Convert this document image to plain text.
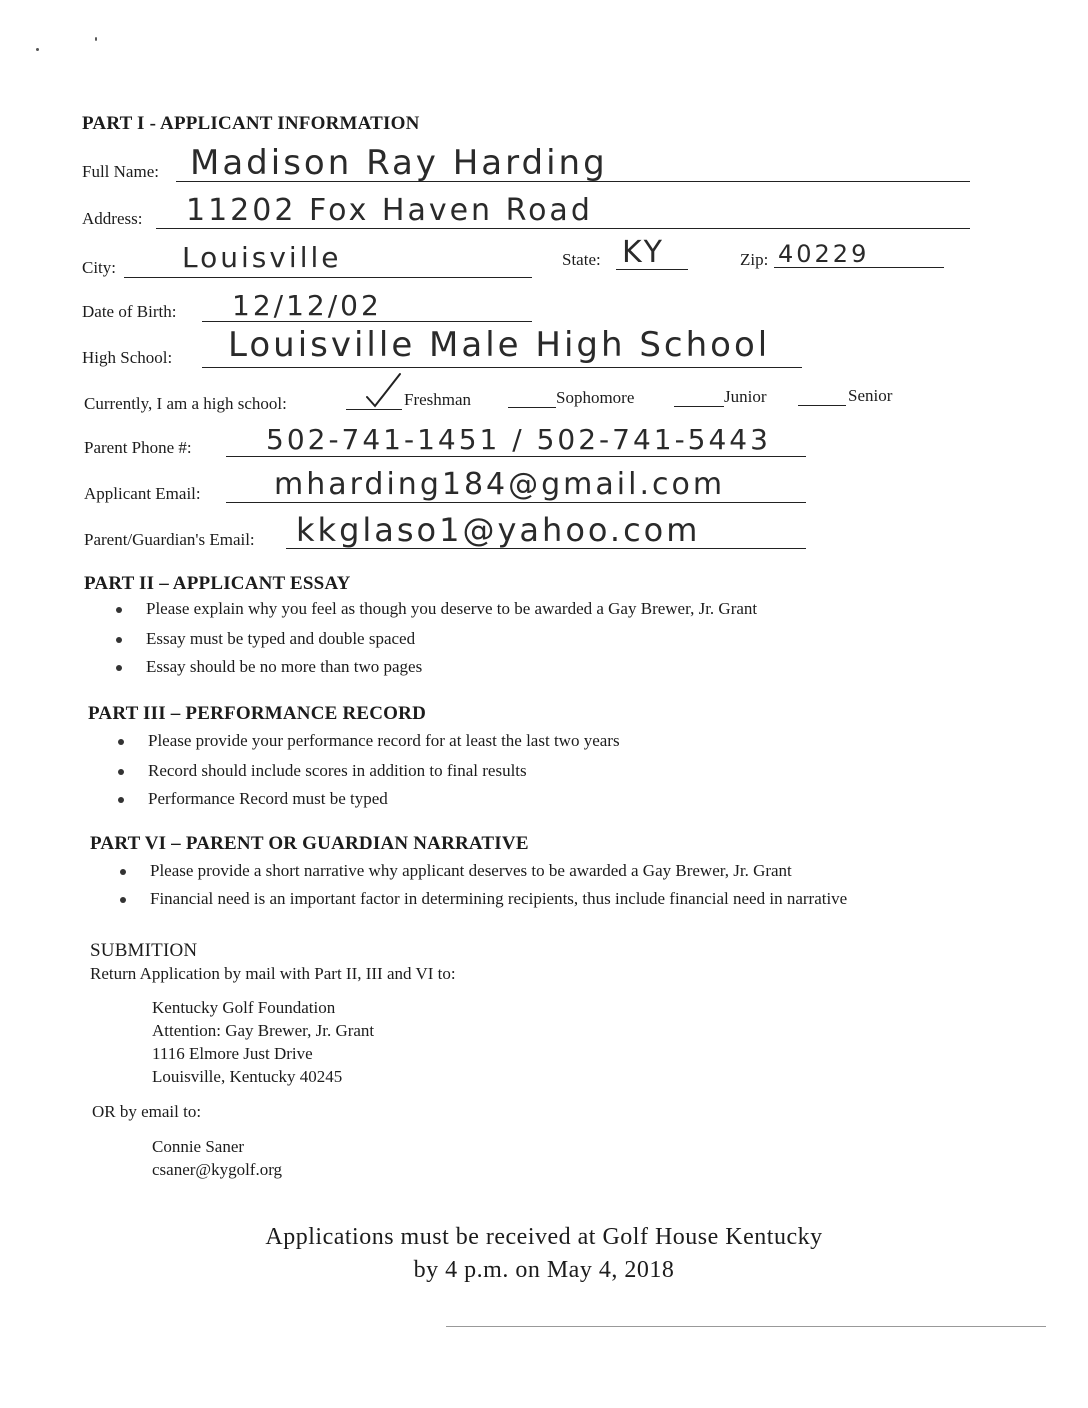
PART I - APPLICANT INFORMATION
Full Name: Madison Ray Harding
Address: 11202 Fox Haven Road
City: Louisville	State: KY	Zip: 40229
Date of Birth: 12/12/02
High School: Louisville Male High School
Currently, I am a high school:	Freshman	Sophomore	Junior	Senior
Parent Phone #:	502-741-1451 / 502-741-5443
Applicant Email: mharding184@gmail.com
Parent/Guardian's Email: kkglaso1@yahoo.com
PART II – APPLICANT ESSAY
Please explain why you feel as though you deserve to be awarded a Gay Brewer, Jr. Grant
Essay must be typed and double spaced
Essay should be no more than two pages
PART III – PERFORMANCE RECORD
Please provide your performance record for at least the last two years
Record should include scores in addition to final results
Performance Record must be typed
PART VI – PARENT OR GUARDIAN NARRATIVE
Please provide a short narrative why applicant deserves to be awarded a Gay Brewer, Jr. Grant
Financial need is an important factor in determining recipients, thus include financial need in narrative
SUBMITION
Return Application by mail with Part II, III and VI to:
Kentucky Golf Foundation
Attention: Gay Brewer, Jr. Grant
1116 Elmore Just Drive
Louisville, Kentucky 40245
OR by email to:
Connie Saner
csaner@kygolf.org
Applications must be received at Golf House Kentucky
by 4 p.m. on May 4, 2018
